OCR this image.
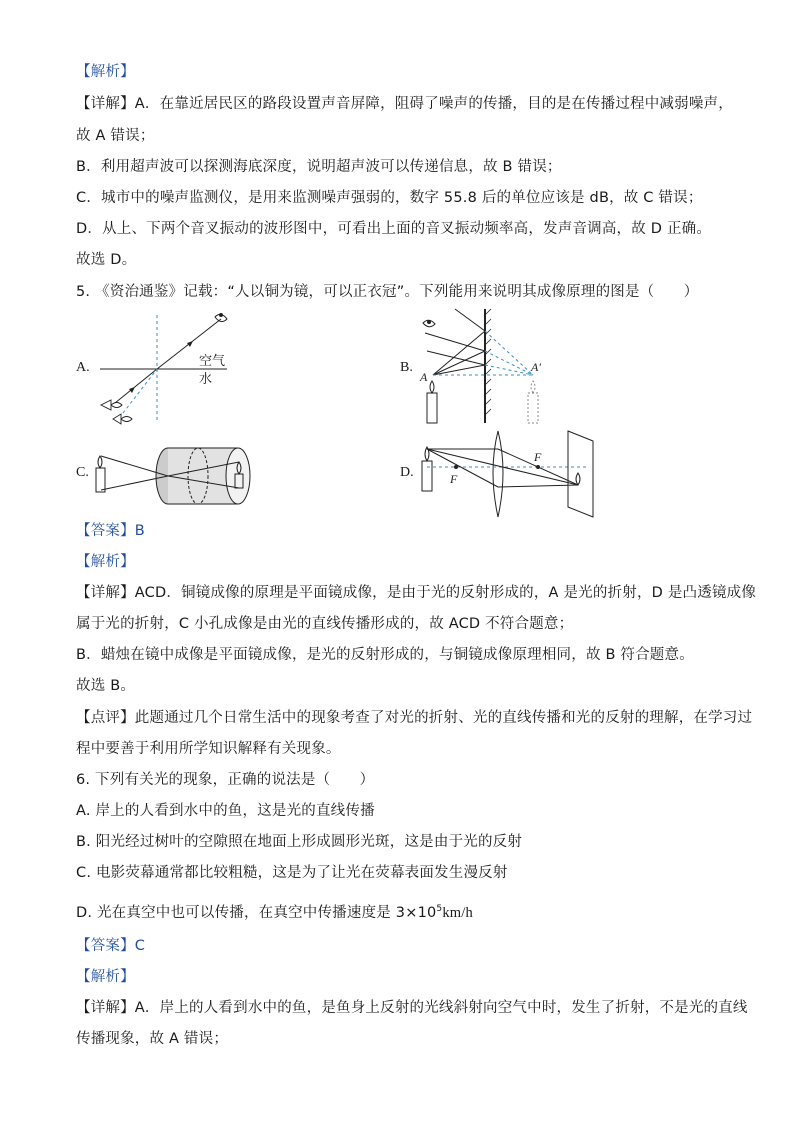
【解析】
【详解】A．在靠近居民区的路段设置声音屏障，阻碍了噪声的传播，目的是在传播过程中减弱噪声，
故 A 错误；
B．利用超声波可以探测海底深度，说明超声波可以传递信息，故 B 错误；
C．城市中的噪声监测仪，是用来监测噪声强弱的，数字 55.8 后的单位应该是 dB，故 C 错误；
D．从上、下两个音叉振动的波形图中，可看出上面的音叉振动频率高，发声音调高，故 D 正确。
故选 D。
5. 《资治通鉴》记载：“人以铜为镜，可以正衣冠”。下列能用来说明其成像原理的图是（　　）
A.	空气
水
B.
A
A′
C.	D.
F
F
【答案】B
【解析】
【详解】ACD．铜镜成像的原理是平面镜成像，是由于光的反射形成的，A 是光的折射，D 是凸透镜成像
属于光的折射，C 小孔成像是由光的直线传播形成的，故 ACD 不符合题意；
B．蜡烛在镜中成像是平面镜成像，是光的反射形成的，与铜镜成像原理相同，故 B 符合题意。
故选 B。
【点评】此题通过几个日常生活中的现象考查了对光的折射、光的直线传播和光的反射的理解，在学习过
程中要善于利用所学知识解释有关现象。
6. 下列有关光的现象，正确的说法是（　　）
A. 岸上的人看到水中的鱼，这是光的直线传播
B. 阳光经过树叶的空隙照在地面上形成圆形光斑，这是由于光的反射
C. 电影荧幕通常都比较粗糙，这是为了让光在荧幕表面发生漫反射
D. 光在真空中也可以传播，在真空中传播速度是 $3\times 10^5km/h$
【答案】C
【解析】
【详解】A．岸上的人看到水中的鱼，是鱼身上反射的光线斜射向空气中时，发生了折射，不是光的直线
传播现象，故 A 错误；
